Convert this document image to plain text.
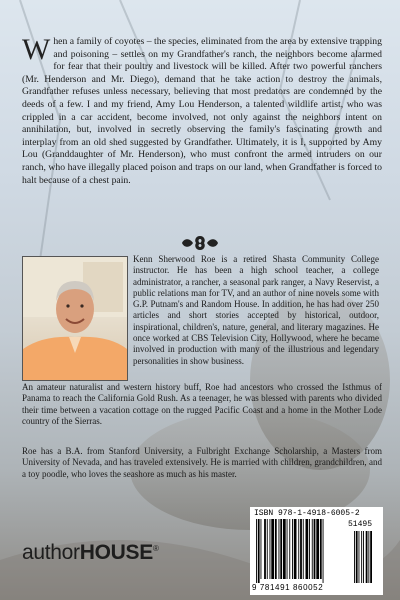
When a family of coyotes – the species, eliminated from the area by extensive trapping and poisoning – settles on my Grandfather's ranch, the neighbors become alarmed for fear that their poultry and livestock will be killed. After two powerful ranchers (Mr. Henderson and Mr. Diego), demand that he take action to destroy the animals, Grandfather refuses unless necessary, believing that most predators are condemned by the deeds of a few. I and my friend, Amy Lou Henderson, a talented wildlife artist, who was crippled in a car accident, become involved, not only against the neighbors intent on annihilation, but, involved in secretly observing the family's fascinating growth and interplay from an old shed suggested by Grandfather. Ultimately, it is I, supported by Amy Lou (Granddaughter of Mr. Henderson), who must confront the armed intruders on our ranch, who have illegally placed poison and traps on our land, when Grandfather is forced to halt because of a chest pain.

Kenn Sherwood Roe is a retired Shasta Community College instructor. He has been a high school teacher, a college administrator, a rancher, a seasonal park ranger, a Navy Reservist, a public relations man for TV, and an author of nine novels some with G.P. Putnam's and Random House. In addition, he has had over 250 articles and short stories accepted by historical, outdoor, inspirational, children's, nature, general, and literary magazines. He once worked at CBS Television City, Hollywood, where he became involved in production with many of the illustrious and legendary personalities in show business.

An amateur naturalist and western history buff, Roe had ancestors who crossed the Isthmus of Panama to reach the California Gold Rush. As a teenager, he was blessed with parents who divided their time between a vacation cottage on the rugged Pacific Coast and a home in the Mother Lode country of the Sierras.

Roe has a B.A. from Stanford University, a Fulbright Exchange Scholarship, a Masters from University of Nevada, and has traveled extensively. He is married with children, grandchildren, and a toy poodle, who loves the seashore as much as his master.

authorHOUSE®
ISBN 978-1-4918-6005-2
51495
9 781491 860052
